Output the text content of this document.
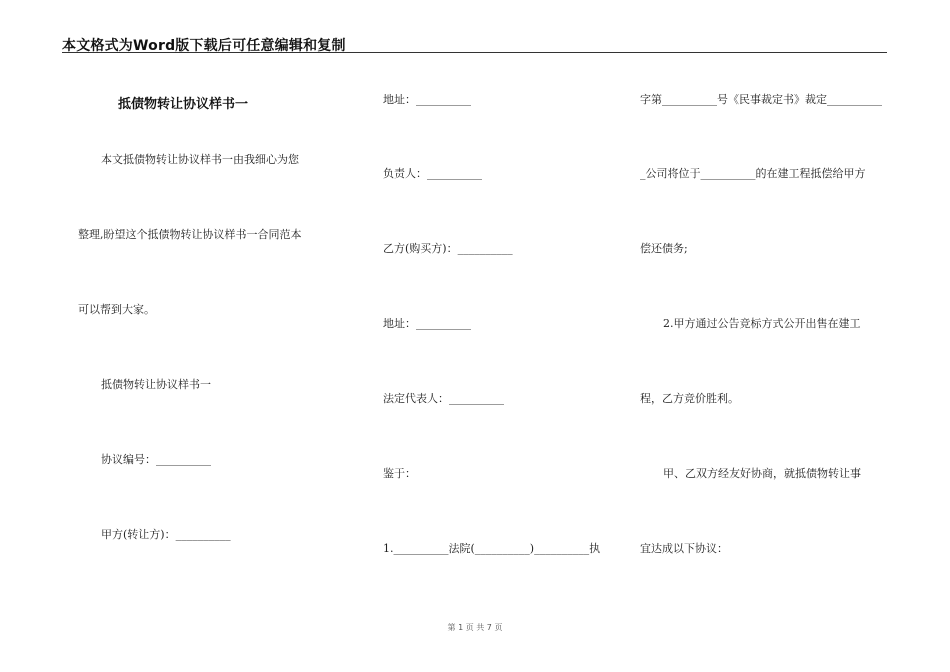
本文格式为Word版下载后可任意编辑和复制
抵债物转让协议样书一
本文抵债物转让协议样书一由我细心为您
整理,盼望这个抵债物转让协议样书一合同范本
可以帮到大家。
抵债物转让协议样书一
协议编号：__________
甲方(转让方)：__________
地址：__________
负责人：__________
乙方(购买方)：__________
地址：__________
法定代表人：__________
鉴于：
1.__________法院(__________)__________执
字第__________号《民事裁定书》裁定__________
_公司将位于__________的在建工程抵偿给甲方
偿还债务;
2.甲方通过公告竞标方式公开出售在建工
程，乙方竞价胜利。
甲、乙双方经友好协商，就抵债物转让事
宜达成以下协议：
第 1 页 共 7 页
